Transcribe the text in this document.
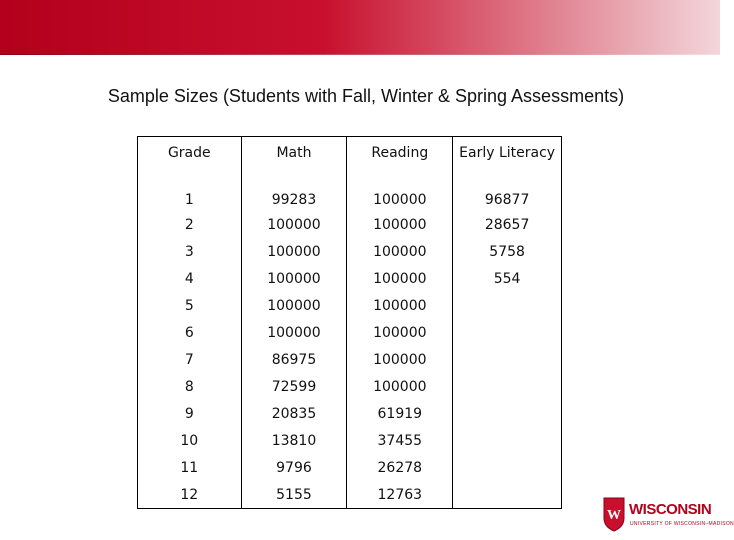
Sample Sizes (Students with Fall, Winter & Spring Assessments)
Grade	Math	Reading	Early Literacy
1	99283	100000	96877
2	100000	100000	28657
3	100000	100000	5758
4	100000	100000	554
5	100000	100000	
6	100000	100000	
7	86975	100000	
8	72599	100000	
9	20835	61919	
10	13810	37455	
11	9796	26278	
12	5155	12763	
W WISCONSIN
UNIVERSITY OF WISCONSIN–MADISON
